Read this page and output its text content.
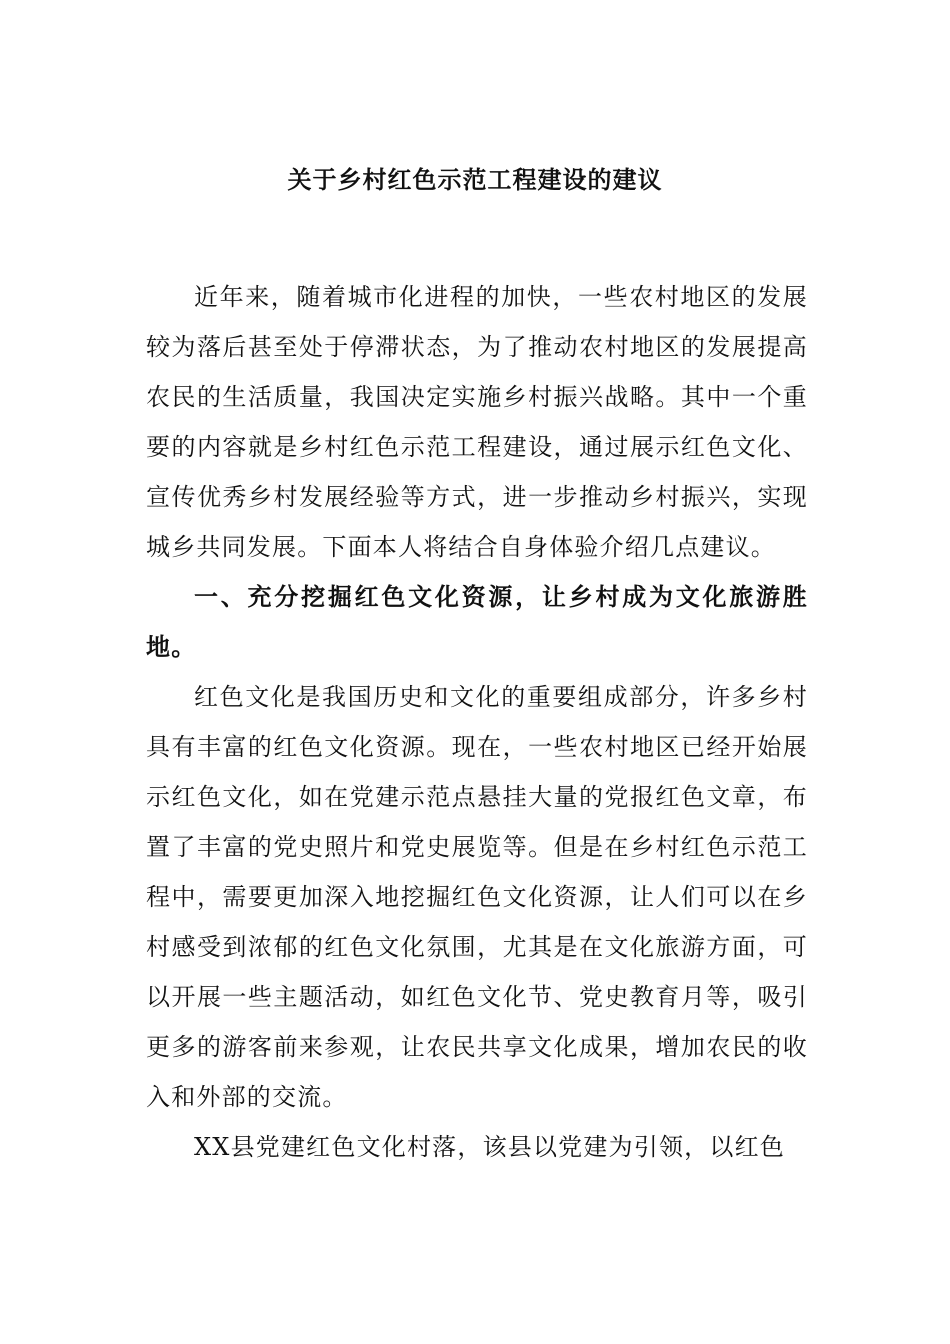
关于乡村红色示范工程建设的建议

近年来，随着城市化进程的加快，一些农村地区的发展较为落后甚至处于停滞状态，为了推动农村地区的发展提高农民的生活质量，我国决定实施乡村振兴战略。其中一个重要的内容就是乡村红色示范工程建设，通过展示红色文化、宣传优秀乡村发展经验等方式，进一步推动乡村振兴，实现城乡共同发展。下面本人将结合自身体验介绍几点建议。

一、充分挖掘红色文化资源，让乡村成为文化旅游胜地。

红色文化是我国历史和文化的重要组成部分，许多乡村具有丰富的红色文化资源。现在，一些农村地区已经开始展示红色文化，如在党建示范点悬挂大量的党报红色文章，布置了丰富的党史照片和党史展览等。但是在乡村红色示范工程中，需要更加深入地挖掘红色文化资源，让人们可以在乡村感受到浓郁的红色文化氛围，尤其是在文化旅游方面，可以开展一些主题活动，如红色文化节、党史教育月等，吸引更多的游客前来参观，让农民共享文化成果，增加农民的收入和外部的交流。

XX县党建红色文化村落，该县以党建为引领，以红色
